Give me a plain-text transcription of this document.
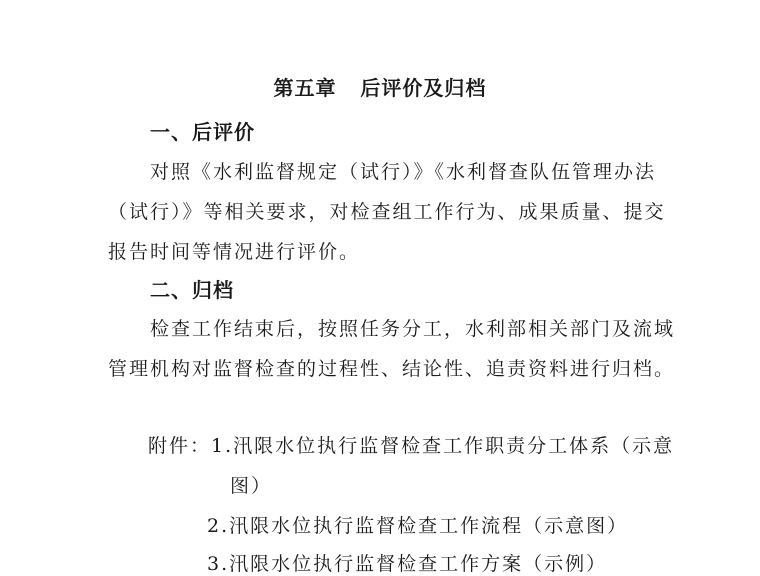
第五章   后评价及归档
一、后评价
对照《水利监督规定（试行）》《水利督查队伍管理办法
（试行）》等相关要求，对检查组工作行为、成果质量、提交
报告时间等情况进行评价。
二、归档
检查工作结束后，按照任务分工，水利部相关部门及流域
管理机构对监督检查的过程性、结论性、追责资料进行归档。
附件：1.汛限水位执行监督检查工作职责分工体系（示意
图）
2.汛限水位执行监督检查工作流程（示意图）
3.汛限水位执行监督检查工作方案（示例）
